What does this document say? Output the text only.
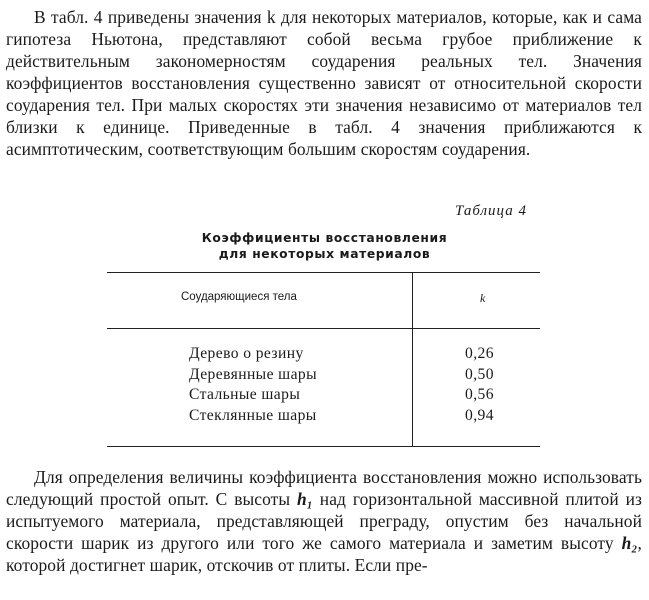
В табл. 4 приведены значения k для некоторых материалов, которые, как и сама гипотеза Ньютона, представляют собой весьма грубое приближение к действительным закономерностям соударения реальных тел. Значения коэффициентов восстановления существенно зависят от относительной скорости соударения тел. При малых скоростях эти значения независимо от материалов тел близки к единице. Приведенные в табл. 4 значения приближаются к асимптотическим, соответствующим большим скоростям соударения.

Таблица 4
Коэффициенты восстановления
для некоторых материалов
Соударяющиеся тела	k
Дерево о резину	0,26
Деревянные шары	0,50
Стальные шары	0,56
Стеклянные шары	0,94

Для определения величины коэффициента восстановления можно использовать следующий простой опыт. С высоты h₁ над горизонтальной массивной плитой из испытуемого материала, представляющей преграду, опустим без начальной скорости шарик из другого или того же самого материала и заметим высоту h₂, которой достигнет шарик, отскочив от плиты. Если пре-
